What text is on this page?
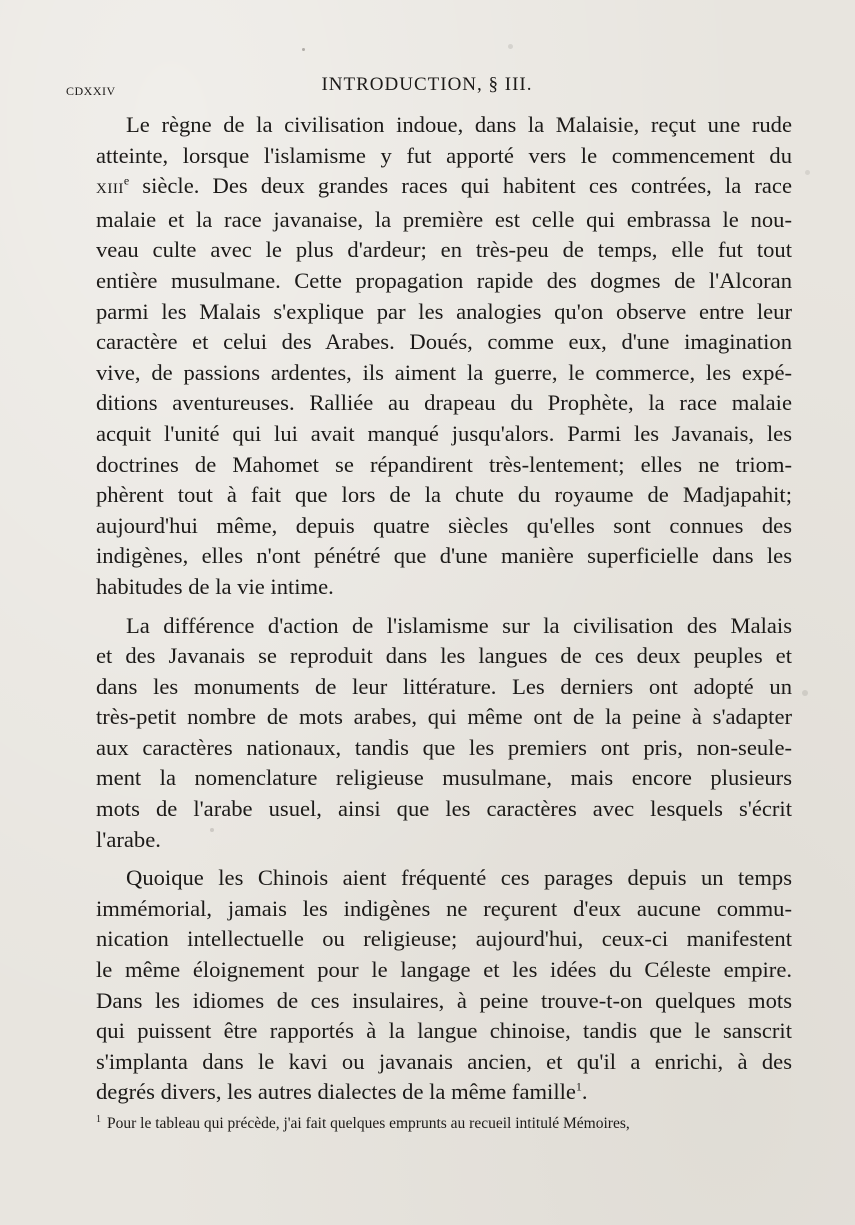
CDXXIV	INTRODUCTION, § III.

Le règne de la civilisation indoue, dans la Malaisie, reçut une rude
atteinte, lorsque l'islamisme y fut apporté vers le commencement du
XIIIe siècle. Des deux grandes races qui habitent ces contrées, la race
malaie et la race javanaise, la première est celle qui embrassa le nou-
veau culte avec le plus d'ardeur; en très-peu de temps, elle fut tout
entière musulmane. Cette propagation rapide des dogmes de l'Alcoran
parmi les Malais s'explique par les analogies qu'on observe entre leur
caractère et celui des Arabes. Doués, comme eux, d'une imagination
vive, de passions ardentes, ils aiment la guerre, le commerce, les expé-
ditions aventureuses. Ralliée au drapeau du Prophète, la race malaie
acquit l'unité qui lui avait manqué jusqu'alors. Parmi les Javanais, les
doctrines de Mahomet se répandirent très-lentement; elles ne triom-
phèrent tout à fait que lors de la chute du royaume de Madjapahit;
aujourd'hui même, depuis quatre siècles qu'elles sont connues des
indigènes, elles n'ont pénétré que d'une manière superficielle dans les
habitudes de la vie intime.

La différence d'action de l'islamisme sur la civilisation des Malais
et des Javanais se reproduit dans les langues de ces deux peuples et
dans les monuments de leur littérature. Les derniers ont adopté un
très-petit nombre de mots arabes, qui même ont de la peine à s'adapter
aux caractères nationaux, tandis que les premiers ont pris, non-seule-
ment la nomenclature religieuse musulmane, mais encore plusieurs
mots de l'arabe usuel, ainsi que les caractères avec lesquels s'écrit
l'arabe.

Quoique les Chinois aient fréquenté ces parages depuis un temps
immémorial, jamais les indigènes ne reçurent d'eux aucune commu-
nication intellectuelle ou religieuse; aujourd'hui, ceux-ci manifestent
le même éloignement pour le langage et les idées du Céleste empire.
Dans les idiomes de ces insulaires, à peine trouve-t-on quelques mots
qui puissent être rapportés à la langue chinoise, tandis que le sanscrit
s'implanta dans le kavi ou javanais ancien, et qu'il a enrichi, à des
degrés divers, les autres dialectes de la même famille$^1$.

$^1$ Pour le tableau qui précède, j'ai fait quelques emprunts au recueil intitulé Mémoires,
